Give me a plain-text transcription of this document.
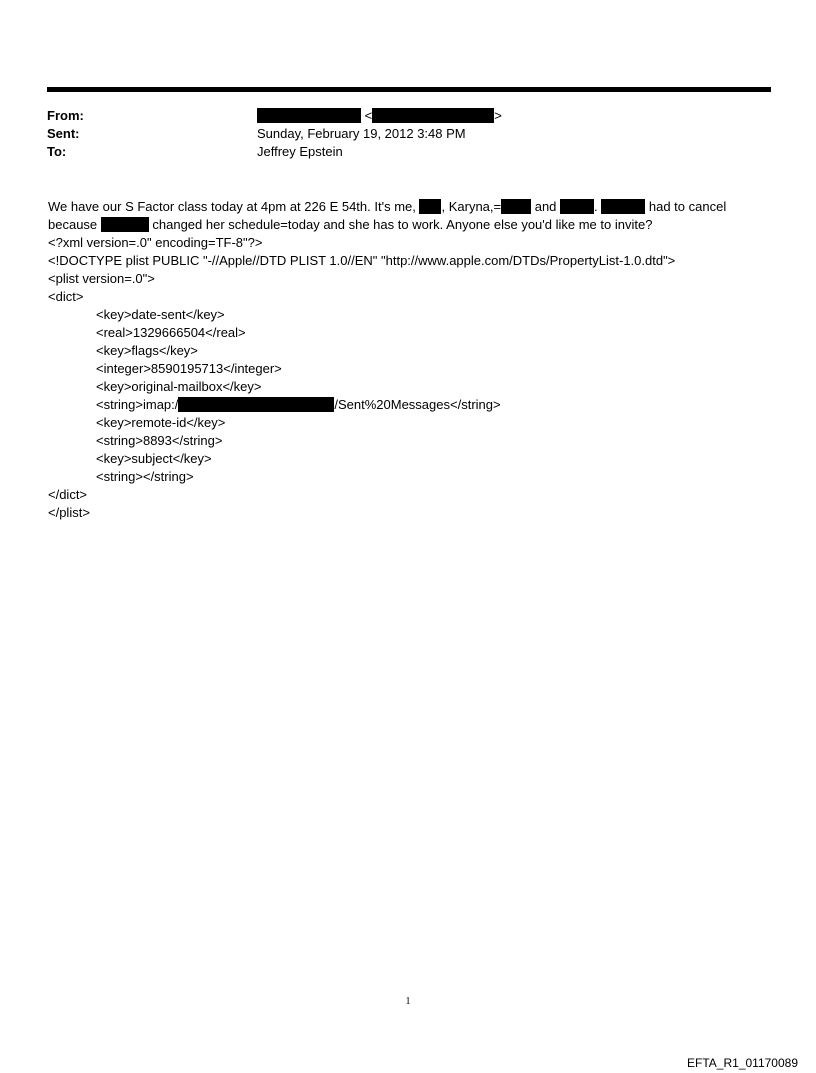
From:	<	>
Sent:	Sunday, February 19, 2012 3:48 PM
To:	Jeffrey Epstein
We have our S Factor class today at 4pm at 226 E 54th. It's me, , Karyna,= and	.	had to cancel
because	changed her schedule=today and she has to work. Anyone else you'd like me to invite?
<?xml version=.0" encoding=TF-8"?>
<!DOCTYPE plist PUBLIC "-//Apple//DTD PLIST 1.0//EN" "http://www.apple.com/DTDs/PropertyList-1.0.dtd">
<plist version=.0">
<dict>
<key>date-sent</key>
<real>1329666504</real>
<key>flags</key>
<integer>8590195713</integer>
<key>original-mailbox</key>
<string>imap:/	/Sent%20Messages</string>
<key>remote-id</key>
<string>8893</string>
<key>subject</key>
<string></string>
</dict>
</plist>
1
EFTA_R1_01170089
